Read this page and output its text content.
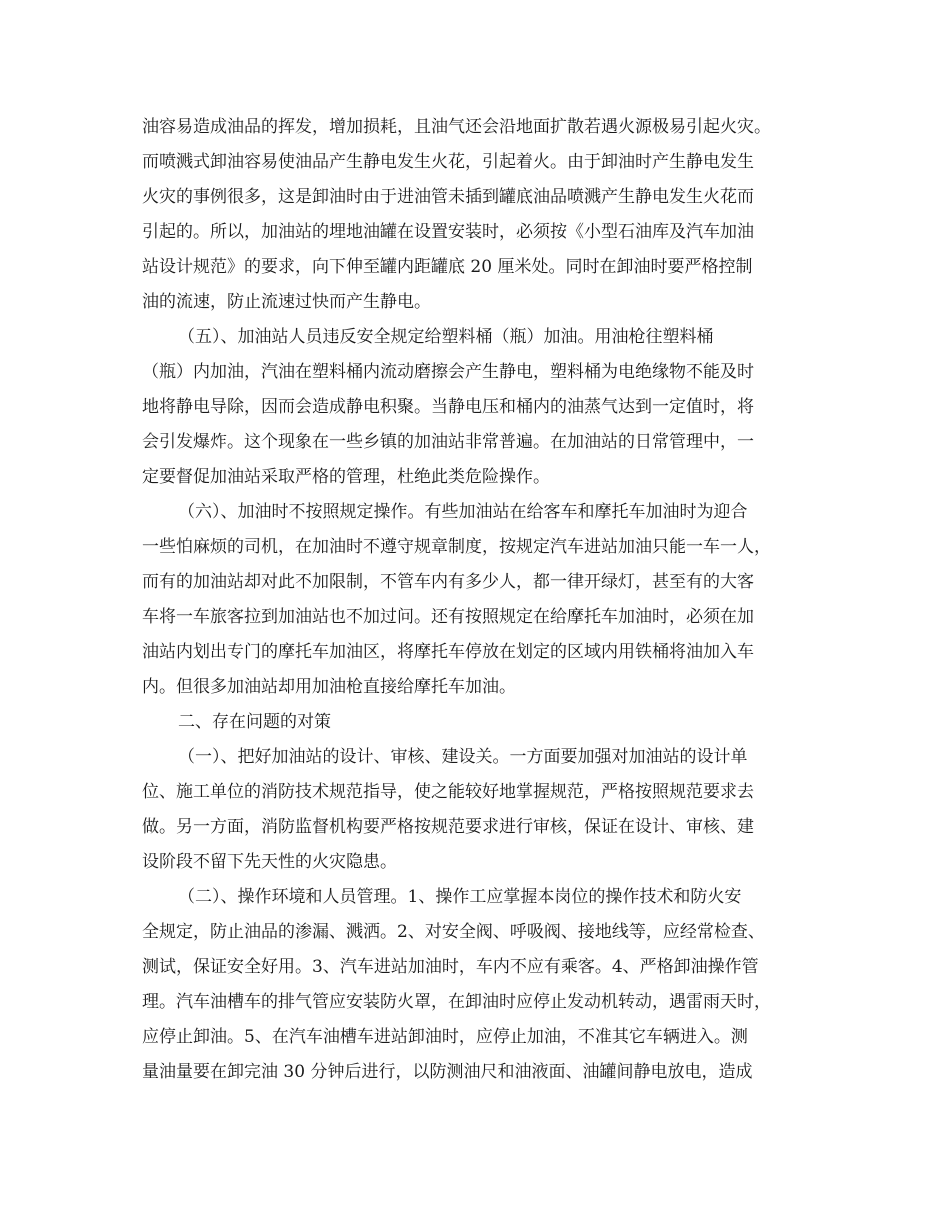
油容易造成油品的挥发，增加损耗，且油气还会沿地面扩散若遇火源极易引起火灾。
而喷溅式卸油容易使油品产生静电发生火花，引起着火。由于卸油时产生静电发生
火灾的事例很多，这是卸油时由于进油管未插到罐底油品喷溅产生静电发生火花而
引起的。所以，加油站的埋地油罐在设置安装时，必须按《小型石油库及汽车加油
站设计规范》的要求，向下伸至罐内距罐底 20 厘米处。同时在卸油时要严格控制
油的流速，防止流速过快而产生静电。
（五）、加油站人员违反安全规定给塑料桶（瓶）加油。用油枪往塑料桶
（瓶）内加油，汽油在塑料桶内流动磨擦会产生静电，塑料桶为电绝缘物不能及时
地将静电导除，因而会造成静电积聚。当静电压和桶内的油蒸气达到一定值时，将
会引发爆炸。这个现象在一些乡镇的加油站非常普遍。在加油站的日常管理中，一
定要督促加油站采取严格的管理，杜绝此类危险操作。
（六）、加油时不按照规定操作。有些加油站在给客车和摩托车加油时为迎合
一些怕麻烦的司机，在加油时不遵守规章制度，按规定汽车进站加油只能一车一人，
而有的加油站却对此不加限制，不管车内有多少人，都一律开绿灯，甚至有的大客
车将一车旅客拉到加油站也不加过问。还有按照规定在给摩托车加油时，必须在加
油站内划出专门的摩托车加油区，将摩托车停放在划定的区域内用铁桶将油加入车
内。但很多加油站却用加油枪直接给摩托车加油。
二、存在问题的对策
（一）、把好加油站的设计、审核、建设关。一方面要加强对加油站的设计单
位、施工单位的消防技术规范指导，使之能较好地掌握规范，严格按照规范要求去
做。另一方面，消防监督机构要严格按规范要求进行审核，保证在设计、审核、建
设阶段不留下先天性的火灾隐患。
（二）、操作环境和人员管理。1、操作工应掌握本岗位的操作技术和防火安
全规定，防止油品的渗漏、溅洒。2、对安全阀、呼吸阀、接地线等，应经常检查、
测试，保证安全好用。3、汽车进站加油时，车内不应有乘客。4、严格卸油操作管
理。汽车油槽车的排气管应安装防火罩，在卸油时应停止发动机转动，遇雷雨天时，
应停止卸油。5、在汽车油槽车进站卸油时，应停止加油，不准其它车辆进入。测
量油量要在卸完油 30 分钟后进行，以防测油尺和油液面、油罐间静电放电，造成
